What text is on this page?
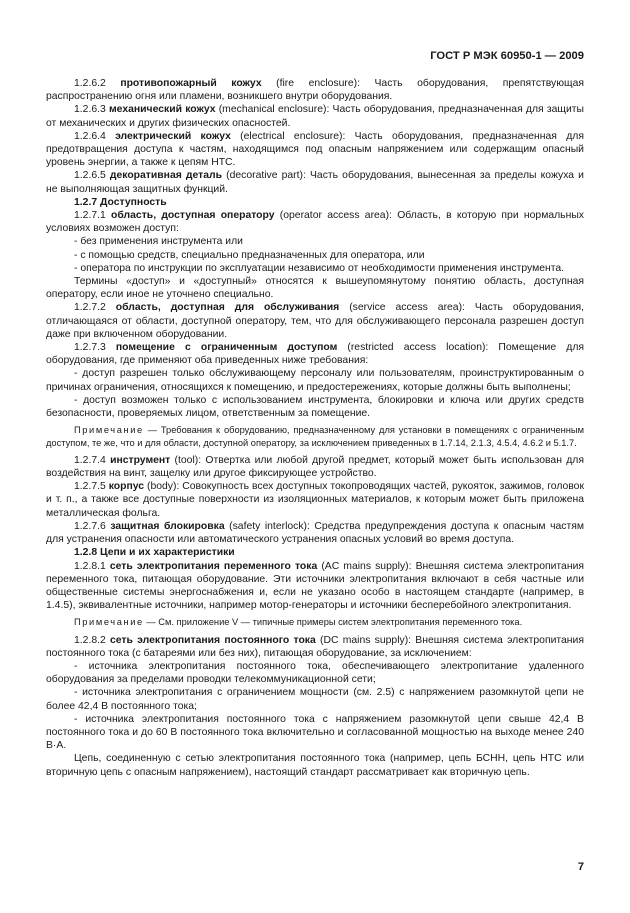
ГОСТ Р МЭК 60950-1 — 2009

1.2.6.2 противопожарный кожух (fire enclosure): Часть оборудования, препятствующая распространению огня или пламени, возникшего внутри оборудования.

1.2.6.3 механический кожух (mechanical enclosure): Часть оборудования, предназначенная для защиты от механических и других физических опасностей.

1.2.6.4 электрический кожух (electrical enclosure): Часть оборудования, предназначенная для предотвращения доступа к частям, находящимся под опасным напряжением или содержащим опасный уровень энергии, а также к цепям НТС.

1.2.6.5 декоративная деталь (decorative part): Часть оборудования, вынесенная за пределы кожуха и не выполняющая защитных функций.

1.2.7 Доступность

1.2.7.1 область, доступная оператору (operator access area): Область, в которую при нормальных условиях возможен доступ:

- без применения инструмента или

- с помощью средств, специально предназначенных для оператора, или

- оператора по инструкции по эксплуатации независимо от необходимости применения инструмента.

Термины «доступ» и «доступный» относятся к вышеупомянутому понятию область, доступная оператору, если иное не уточнено специально.

1.2.7.2 область, доступная для обслуживания (service access area): Часть оборудования, отличающаяся от области, доступной оператору, тем, что для обслуживающего персонала разрешен доступ даже при включенном оборудовании.

1.2.7.3 помещение с ограниченным доступом (restricted access location): Помещение для оборудования, где применяют оба приведенных ниже требования:

- доступ разрешен только обслуживающему персоналу или пользователям, проинструктированным о причинах ограничения, относящихся к помещению, и предостережениях, которые должны быть выполнены;

- доступ возможен только с использованием инструмента, блокировки и ключа или других средств безопасности, проверяемых лицом, ответственным за помещение.

Примечание — Требования к оборудованию, предназначенному для установки в помещениях с ограниченным доступом, те же, что и для области, доступной оператору, за исключением приведенных в 1.7.14, 2.1.3, 4.5.4, 4.6.2 и 5.1.7.

1.2.7.4 инструмент (tool): Отвертка или любой другой предмет, который может быть использован для воздействия на винт, защелку или другое фиксирующее устройство.

1.2.7.5 корпус (body): Совокупность всех доступных токопроводящих частей, рукояток, зажимов, головок и т. п., а также все доступные поверхности из изоляционных материалов, к которым может быть приложена металлическая фольга.

1.2.7.6 защитная блокировка (safety interlock): Средства предупреждения доступа к опасным частям для устранения опасности или автоматического устранения опасных условий во время доступа.

1.2.8 Цепи и их характеристики

1.2.8.1 сеть электропитания переменного тока (AC mains supply): Внешняя система электропитания переменного тока, питающая оборудование. Эти источники электропитания включают в себя частные или общественные системы энергоснабжения и, если не указано особо в настоящем стандарте (например, в 1.4.5), эквивалентные источники, например мотор-генераторы и источники бесперебойного электропитания.

Примечание — См. приложение V — типичные примеры систем электропитания переменного тока.

1.2.8.2 сеть электропитания постоянного тока (DC mains supply): Внешняя система электропитания постоянного тока (с батареями или без них), питающая оборудование, за исключением:

- источника электропитания постоянного тока, обеспечивающего электропитание удаленного оборудования за пределами проводки телекоммуникационной сети;

- источника электропитания с ограничением мощности (см. 2.5) с напряжением разомкнутой цепи не более 42,4 В постоянного тока;

- источника электропитания постоянного тока с напряжением разомкнутой цепи свыше 42,4 В постоянного тока и до 60 В постоянного тока включительно и согласованной мощностью на выходе менее 240 В·А.

Цепь, соединенную с сетью электропитания постоянного тока (например, цепь БСНН, цепь НТС или вторичную цепь с опасным напряжением), настоящий стандарт рассматривает как вторичную цепь.

7
